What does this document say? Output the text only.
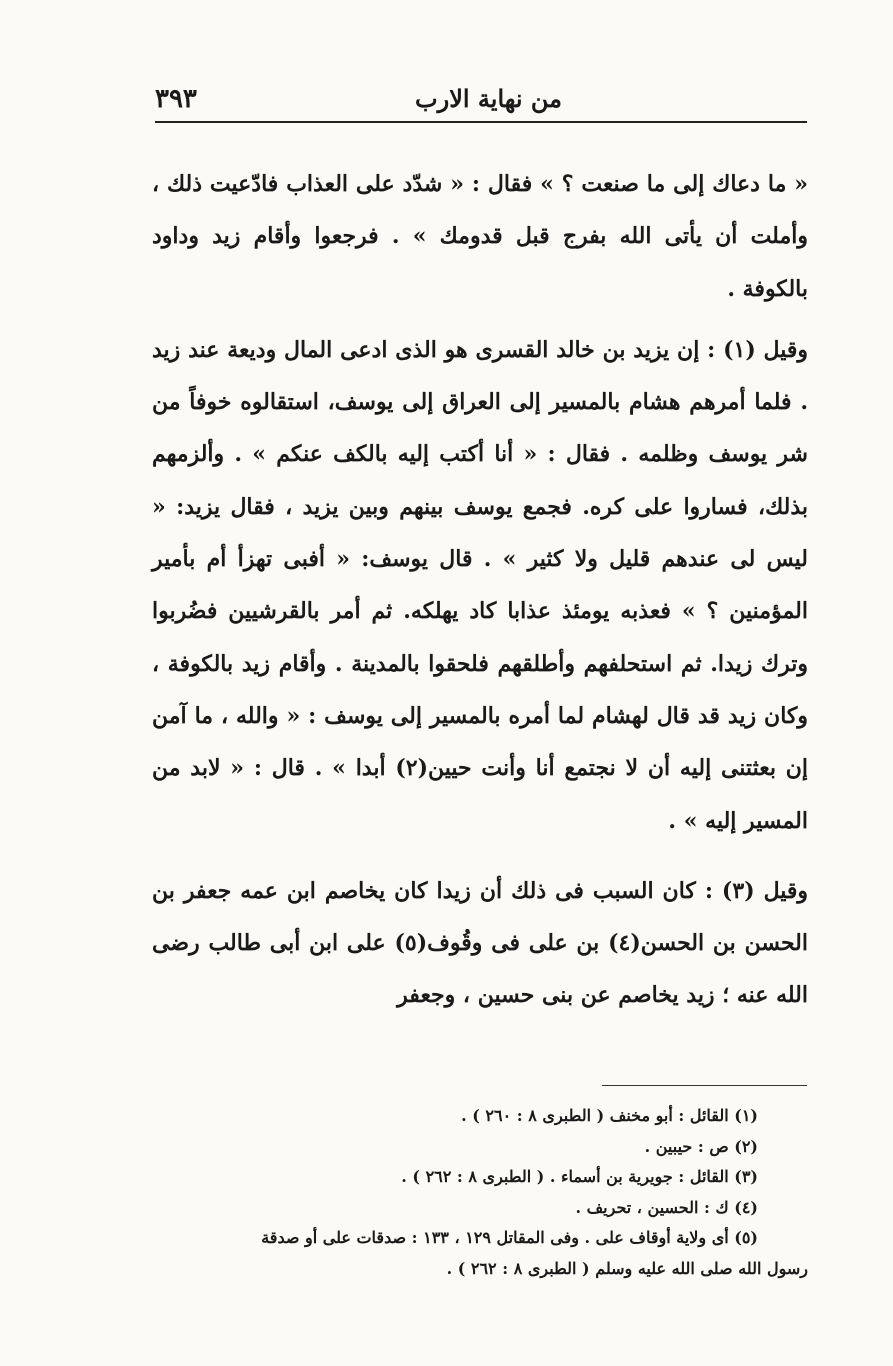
من نهاية الارب
٣٩٣

« ما دعاك إلى ما صنعت ؟ » فقال : « شدّد على العذاب فادّعيت ذلك ، وأملت أن يأتى الله بفرج قبل قدومك » . فرجعوا وأقام زيد وداود بالكوفة .

وقيل (١) : إن يزيد بن خالد القسرى هو الذى ادعى المال وديعة عند زيد . فلما أمرهم هشام بالمسير إلى العراق إلى يوسف، استقالوه خوفاً من شر يوسف وظلمه . فقال : « أنا أكتب إليه بالكف عنكم » . وألزمهم بذلك، فساروا على كره. فجمع يوسف بينهم وبين يزيد ، فقال يزيد: « ليس لى عندهم قليل ولا كثير » . قال يوسف: « أفبى تهزأ أم بأمير المؤمنين ؟ » فعذبه يومئذ عذابا كاد يهلكه. ثم أمر بالقرشيين فضُربوا وترك زيدا. ثم استحلفهم وأطلقهم فلحقوا بالمدينة . وأقام زيد بالكوفة ، وكان زيد قد قال لهشام لما أمره بالمسير إلى يوسف : « والله ، ما آمن إن بعثتنى إليه أن لا نجتمع أنا وأنت حيين(٢) أبدا » . قال : « لابد من المسير إليه » .

وقيل (٣) : كان السبب فى ذلك أن زيدا كان يخاصم ابن عمه جعفر بن الحسن بن الحسن(٤) بن على فى وقُوف(٥) على ابن أبى طالب رضى الله عنه ؛ زيد يخاصم عن بنى حسين ، وجعفر

(١) القائل : أبو مخنف ( الطبرى ٨ : ٢٦٠ ) .

(٢) ص : حيبين .

(٣) القائل : جويرية بن أسماء . ( الطبرى ٨ : ٢٦٢ ) .

(٤) ك : الحسين ، تحريف .

(٥) أى ولاية أوقاف على . وفى المقاتل ١٢٩ ، ١٣٣ : صدقات على أو صدقة

رسول الله صلى الله عليه وسلم ( الطبرى ٨ : ٢٦٢ ) .
